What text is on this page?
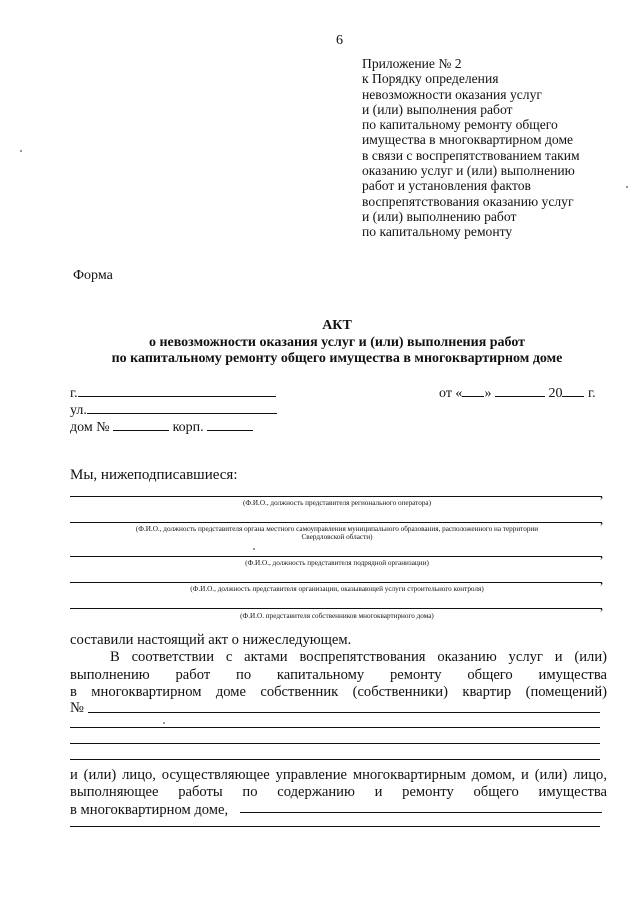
6
Приложение № 2
к Порядку определения
невозможности оказания услуг
и (или) выполнения работ
по капитальному ремонту общего
имущества в многоквартирном доме
в связи с воспрепятствованием таким
оказанию услуг и (или) выполнению
работ и установления фактов
воспрепятствования оказанию услуг
и (или) выполнению работ
по капитальному ремонту
Форма
АКТ
о невозможности оказания услуг и (или) выполнения работ
по капитальному ремонту общего имущества в многоквартирном доме
г.	от « »	20 г.
ул.
дом №	корп.
Мы, нижеподписавшиеся:
,
(Ф.И.О., должность представителя регионального оператора)
,
(Ф.И.О., должность представителя органа местного самоуправления муниципального образования, расположенного на территории
Свердловской области)
,
(Ф.И.О., должность представителя подрядной организации)
,
(Ф.И.О., должность представителя организации, оказывающей услуги строительного контроля)
,
(Ф.И.О. представителя собственников многоквартирного дома)
составили настоящий акт о нижеследующем.
В соответствии с актами воспрепятствования оказанию услуг и (или)
выполнению работ по капитальному ремонту общего имущества
в многоквартирном доме собственник (собственники) квартир (помещений)
№
и (или) лицо, осуществляющее управление многоквартирным домом, и (или) лицо,
выполняющее работы по содержанию и ремонту общего имущества
в многоквартирном доме,
